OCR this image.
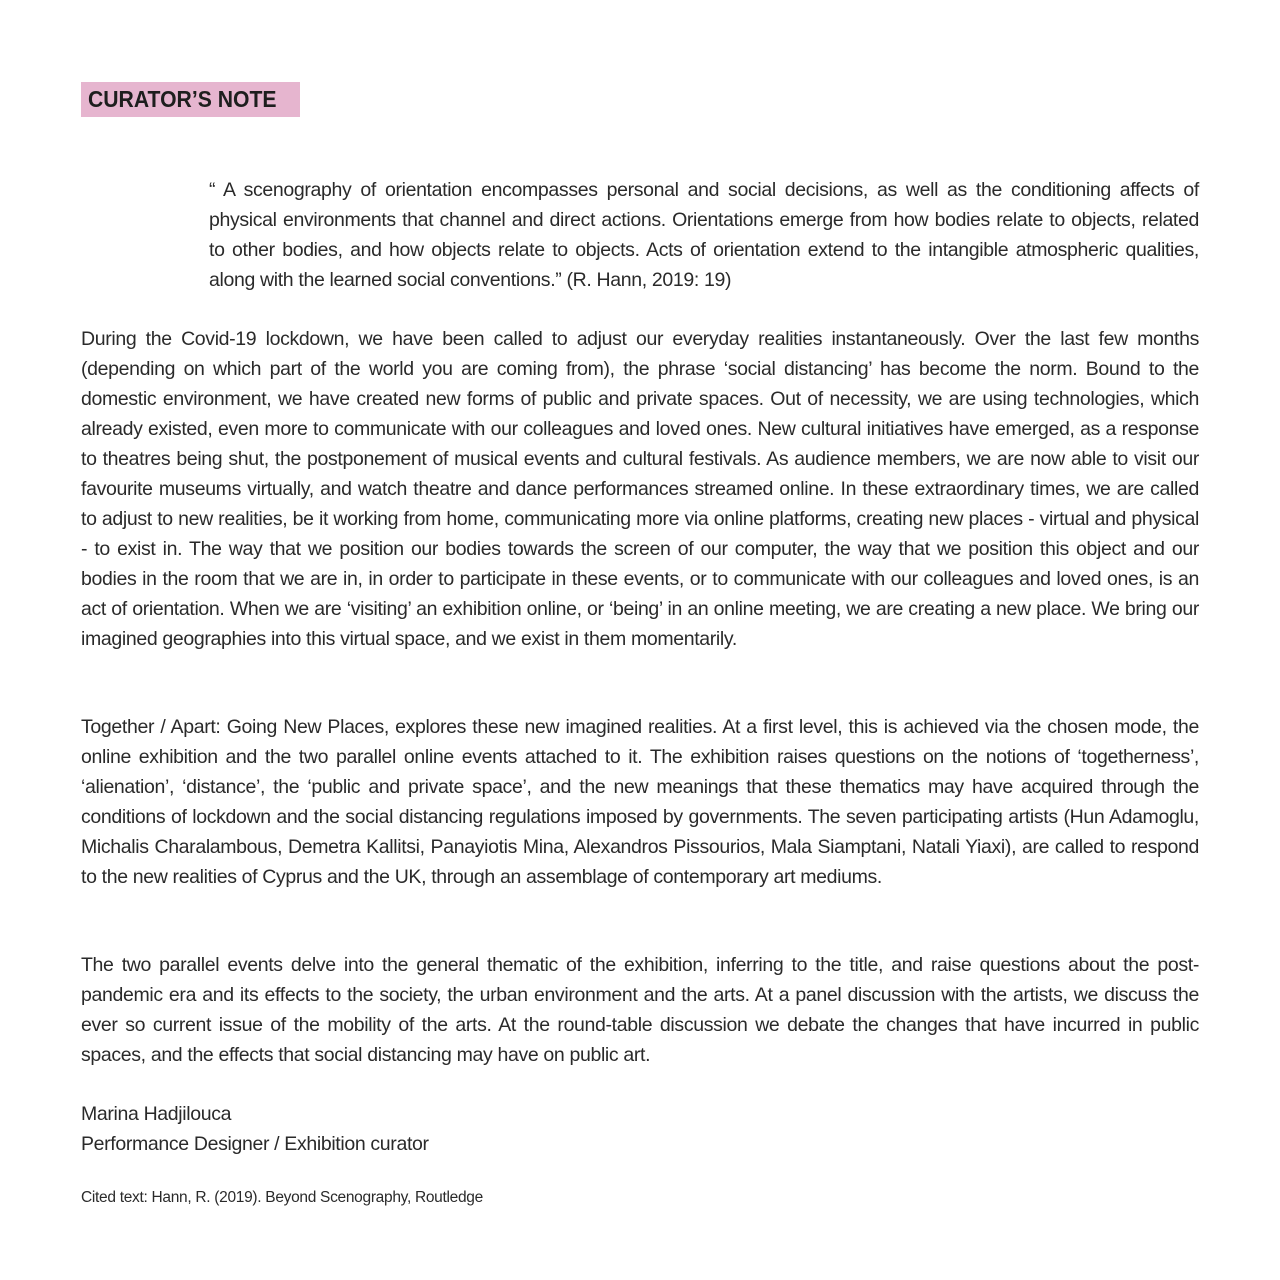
CURATOR’S NOTE

“ A scenography of orientation encompasses personal and social decisions, as well as the conditioning affects of physical environments that channel and direct actions. Orientations emerge from how bodies relate to objects, related to other bodies, and how objects relate to objects. Acts of orientation extend to the intangible atmospheric qualities, along with the learned social conventions.” (R. Hann, 2019: 19)

During the Covid-19 lockdown, we have been called to adjust our everyday realities instantaneously. Over the last few months (depending on which part of the world you are coming from), the phrase ‘social distancing’ has become the norm. Bound to the domestic environment, we have created new forms of public and private spaces. Out of necessity, we are using technologies, which already existed, even more to communicate with our colleagues and loved ones. New cultural initiatives have emerged, as a response to theatres being shut, the postponement of musical events and cultural festivals. As audience members, we are now able to visit our favourite museums virtually, and watch theatre and dance performances streamed online. In these extraordinary times, we are called to adjust to new realities, be it working from home, communicating more via online platforms, creating new places - virtual and physical - to exist in. The way that we position our bodies towards the screen of our computer, the way that we position this object and our bodies in the room that we are in, in order to participate in these events, or to communicate with our colleagues and loved ones, is an act of orientation. When we are ‘visiting’ an exhibition online, or ‘being’ in an online meeting, we are creating a new place. We bring our imagined geographies into this virtual space, and we exist in them momentarily.

Together / Apart: Going New Places, explores these new imagined realities. At a first level, this is achieved via the chosen mode, the online exhibition and the two parallel online events attached to it. The exhibition raises questions on the notions of ‘togetherness’, ‘alienation’, ‘distance’, the ‘public and private space’, and the new meanings that these thematics may have acquired through the conditions of lockdown and the social distancing regulations imposed by governments. The seven participating artists (Hun Adamoglu, Michalis Charalambous, Demetra Kallitsi, Panayiotis Mina, Alexandros Pissourios, Mala Siamptani, Natali Yiaxi), are called to respond to the new realities of Cyprus and the UK, through an assemblage of contemporary art mediums.

The two parallel events delve into the general thematic of the exhibition, inferring to the title, and raise questions about the post-pandemic era and its effects to the society, the urban environment and the arts. At a panel discussion with the artists, we discuss the ever so current issue of the mobility of the arts. At the round-table discussion we debate the changes that have incurred in public spaces, and the effects that social distancing may have on public art.

Marina Hadjilouca
Performance Designer / Exhibition curator
Cited text: Hann, R. (2019). Beyond Scenography, Routledge
